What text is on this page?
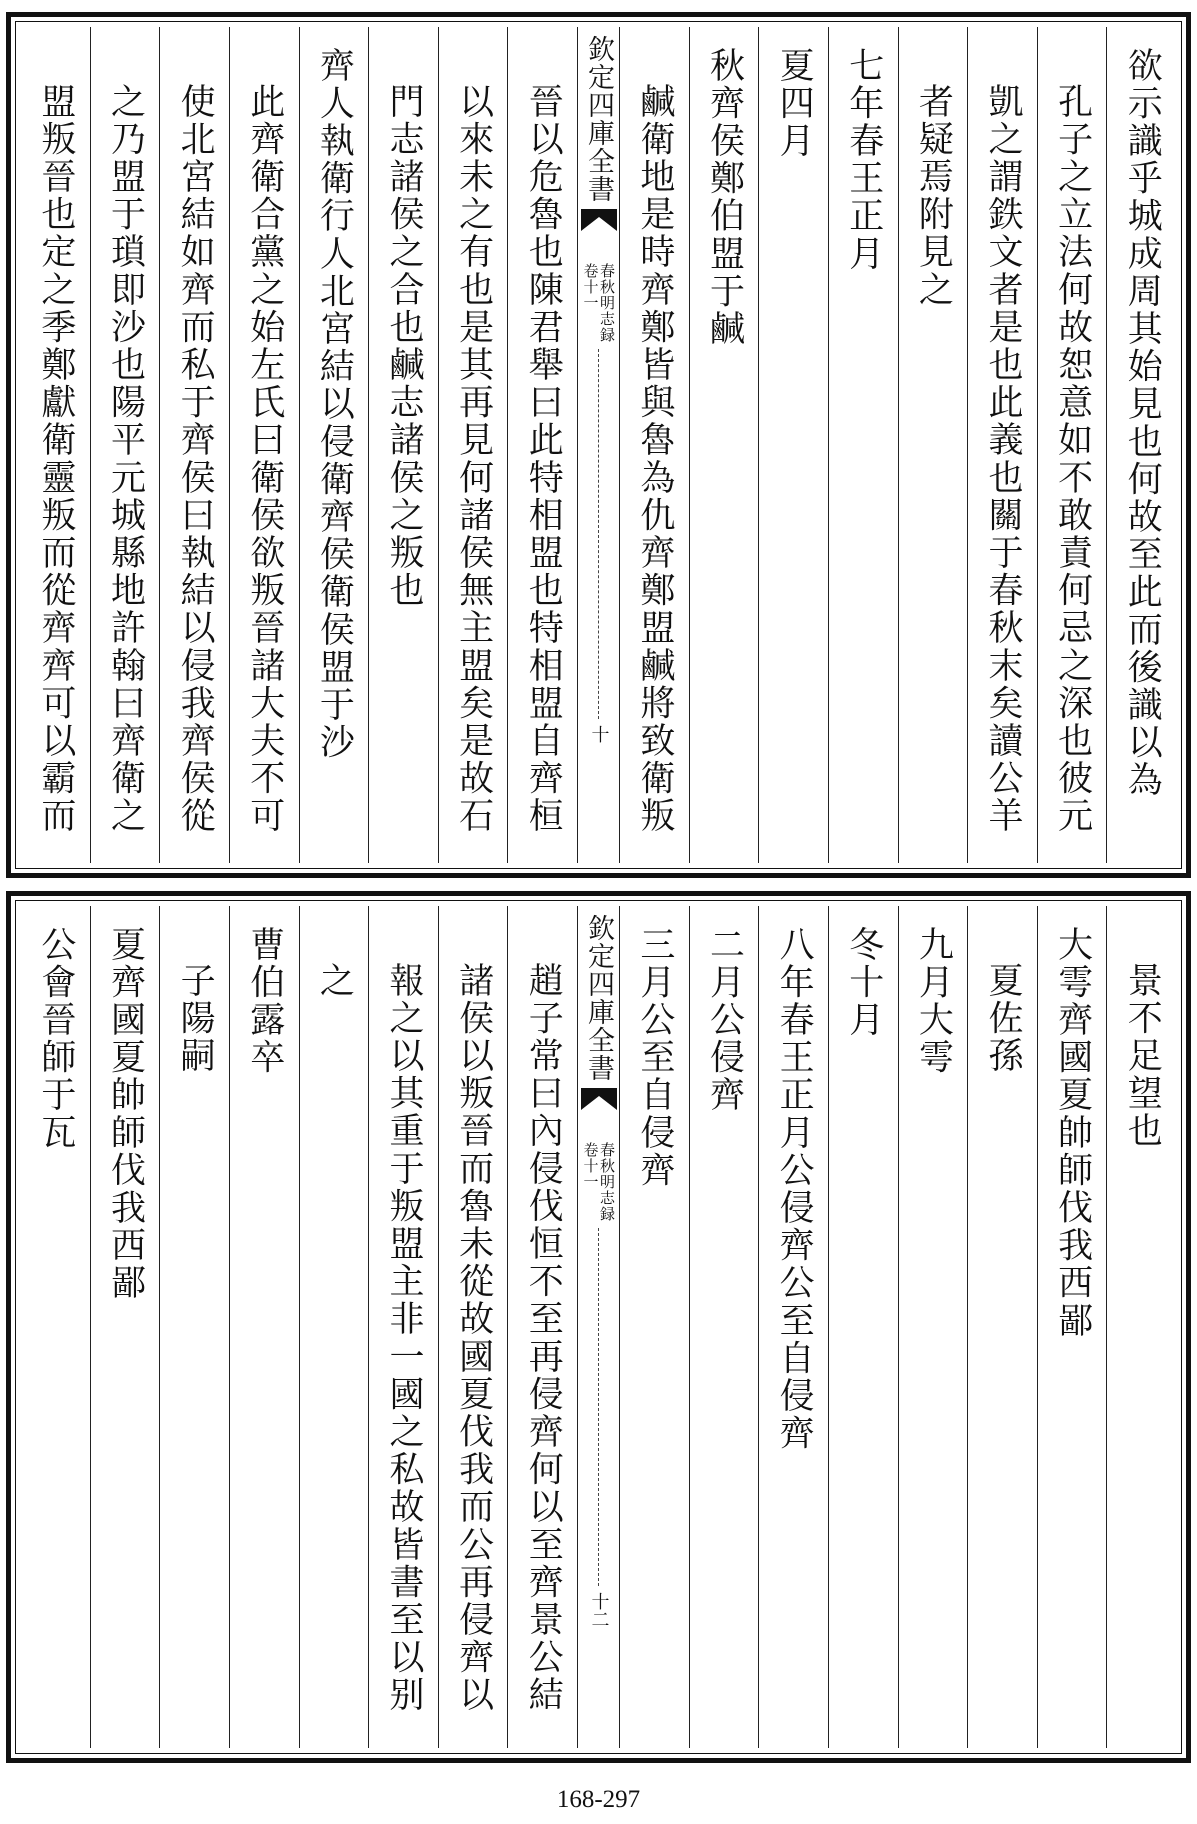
欲示識乎城成周其始見也何故至此而後識以為
孔子之立法何故恕意如不敢責何忌之深也彼元
凱之謂鉄文者是也此義也關于春秋末矣讀公羊
者疑焉附見之
七年春王正月
夏四月
秋齊侯鄭伯盟于鹹
鹹衛地是時齊鄭皆與魯為仇齊鄭盟鹹將致衛叛
欽定四庫全書
春秋明志録
卷十一
十
晉以危魯也陳君舉曰此特相盟也特相盟自齊桓
以來未之有也是其再見何諸侯無主盟矣是故石
門志諸侯之合也鹹志諸侯之叛也
齊人執衛行人北宮結以侵衛齊侯衛侯盟于沙
此齊衛合黨之始左氏曰衛侯欲叛晉諸大夫不可
使北宮結如齊而私于齊侯曰執結以侵我齊侯從
之乃盟于瑣即沙也陽平元城縣地許翰曰齊衛之
盟叛晉也定之季鄭獻衛靈叛而從齊齊可以霸而
景不足望也
大雩齊國夏帥師伐我西鄙
夏佐孫
九月大雩
冬十月
八年春王正月公侵齊公至自侵齊
二月公侵齊
三月公至自侵齊
欽定四庫全書
春秋明志録
卷十一
十二
趙子常曰內侵伐恒不至再侵齊何以至齊景公結
諸侯以叛晉而魯未從故國夏伐我而公再侵齊以
報之以其重于叛盟主非一國之私故皆書至以别
之
曹伯露卒
子陽嗣
夏齊國夏帥師伐我西鄙
公會晉師于瓦
168-297
